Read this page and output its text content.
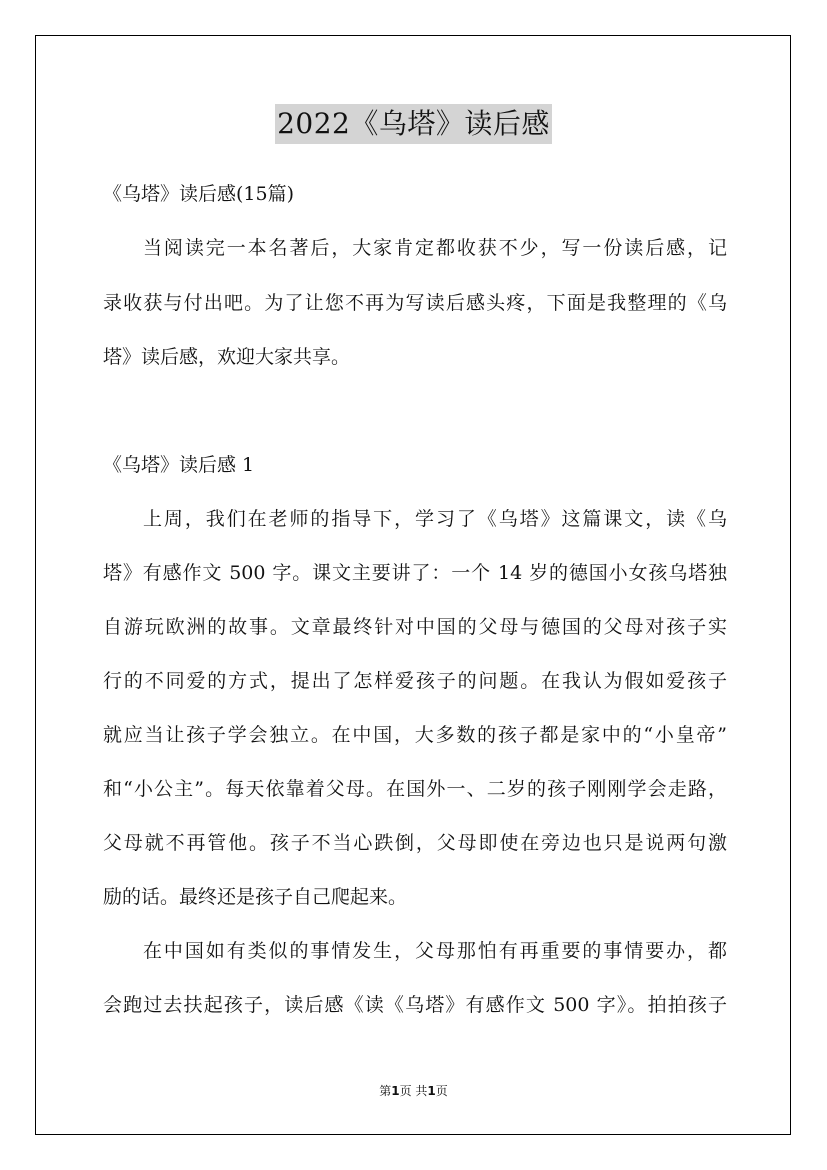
2022《乌塔》读后感
《乌塔》读后感(15篇)
当阅读完一本名著后，大家肯定都收获不少，写一份读后感，记
录收获与付出吧。为了让您不再为写读后感头疼，下面是我整理的《乌
塔》读后感，欢迎大家共享。
《乌塔》读后感 1
上周，我们在老师的指导下，学习了《乌塔》这篇课文，读《乌
塔》有感作文 500 字。课文主要讲了：一个 14 岁的德国小女孩乌塔独
自游玩欧洲的故事。文章最终针对中国的父母与德国的父母对孩子实
行的不同爱的方式，提出了怎样爱孩子的问题。在我认为假如爱孩子
就应当让孩子学会独立。在中国，大多数的孩子都是家中的“小皇帝”
和“小公主”。每天依靠着父母。在国外一、二岁的孩子刚刚学会走路，
父母就不再管他。孩子不当心跌倒，父母即使在旁边也只是说两句激
励的话。最终还是孩子自己爬起来。
在中国如有类似的事情发生，父母那怕有再重要的事情要办，都
会跑过去扶起孩子，读后感《读《乌塔》有感作文 500 字》。拍拍孩子
第1页 共1页
